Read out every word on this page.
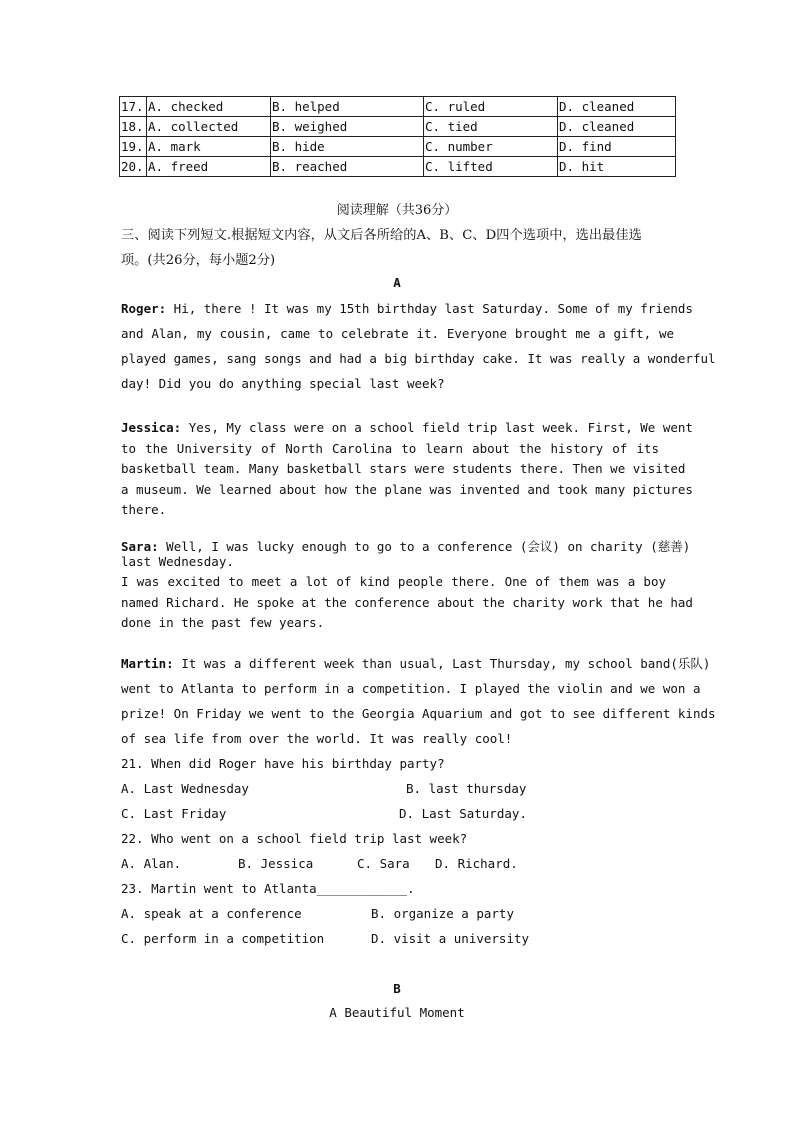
17.	A. checked	B. helped	C. ruled	D. cleaned
18.	A. collected	B. weighed	C. tied	D. cleaned
19.	A. mark	B. hide	C. number	D. find
20.	A. freed	B. reached	C. lifted	D. hit
阅读理解（共36分）
三、阅读下列短文.根据短文内容，从文后各所给的A、B、C、D四个选项中，选出最佳选
项。(共26分，每小题2分)
A
Roger: Hi, there ! It was my 15th birthday last Saturday. Some of my friends
and Alan, my cousin, came to celebrate it. Everyone brought me a gift, we
played games, sang songs and had a big birthday cake. It was really a wonderful
day! Did you do anything special last week?
Jessica: Yes, My class were on a school field trip last week. First, We went
to the University of North Carolina to learn about the history of its
basketball team. Many basketball stars were students there. Then we visited
a museum. We learned about how the plane was invented and took many pictures
there.
Sara: Well, I was lucky enough to go to a conference (会议) on charity (慈善)
last Wednesday.
I was excited to meet a lot of kind people there. One of them was a boy
named Richard. He spoke at the conference about the charity work that he had
done in the past few years.
Martin: It was a different week than usual, Last Thursday, my school band(乐队)
went to Atlanta to perform in a competition. I played the violin and we won a
prize! On Friday we went to the Georgia Aquarium and got to see different kinds
of sea life from over the world. It was really cool!
21. When did Roger have his birthday party?
A. Last Wednesday	B. last thursday
C. Last Friday	D. Last Saturday.
22. Who went on a school field trip last week?
A. Alan.	B. Jessica	C. Sara D. Richard.
23. Martin went to Atlanta____________.
A. speak at a conference	B. organize a party
C. perform in a competition	D. visit a university
B
A Beautiful Moment
